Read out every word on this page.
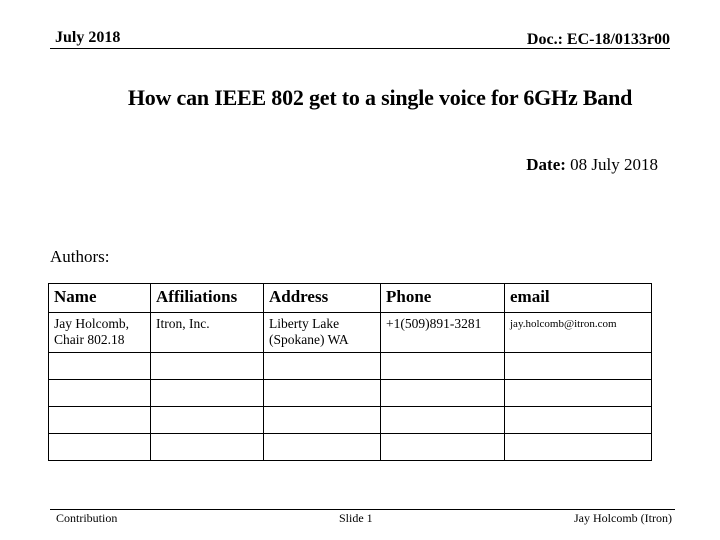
July 2018	Doc.: EC-18/0133r00
How can IEEE 802 get to a single voice for 6GHz Band
Date: 08 July 2018
Authors:
Name	Affiliations	Address	Phone	email
Jay Holcomb, Chair 802.18	Itron, Inc.	Liberty Lake (Spokane) WA	+1(509)891-3281	jay.holcomb@itron.com

Contribution	Slide 1	Jay Holcomb (Itron)
